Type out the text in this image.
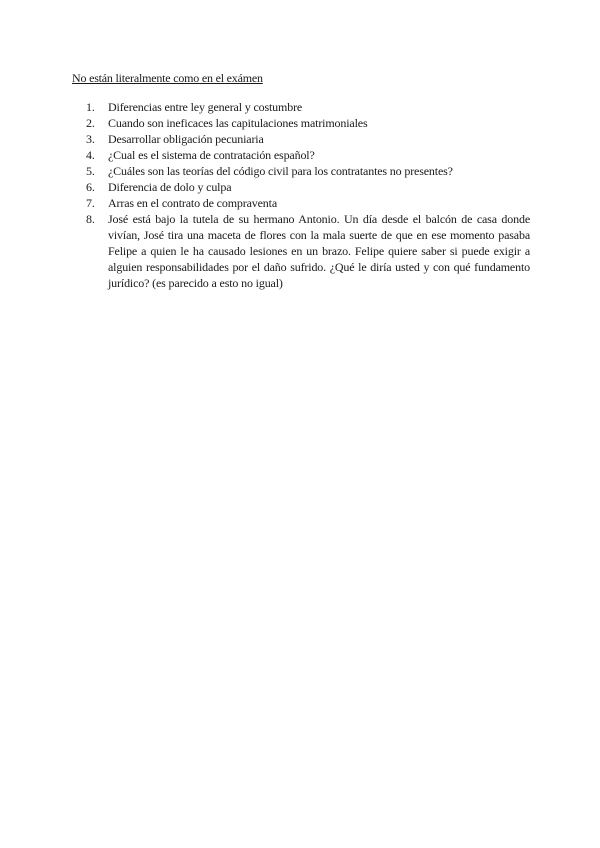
No están literalmente como en el exámen
1.	Diferencias entre ley general y costumbre
2.	Cuando son ineficaces las capitulaciones matrimoniales
3.	Desarrollar obligación pecuniaria
4.	¿Cual es el sistema de contratación español?
5.	¿Cuáles son las teorías del código civil para los contratantes no presentes?
6.	Diferencia de dolo y culpa
7.	Arras en el contrato de compraventa
8.	José está bajo la tutela de su hermano Antonio. Un día desde el balcón de casa donde vivían, José tira una maceta de flores con la mala suerte de que en ese momento pasaba Felipe a quien le ha causado lesiones en un brazo. Felipe quiere saber si puede exigir a alguien responsabilidades por el daño sufrido. ¿Qué le diría usted y con qué fundamento jurídico? (es parecido a esto no igual)
